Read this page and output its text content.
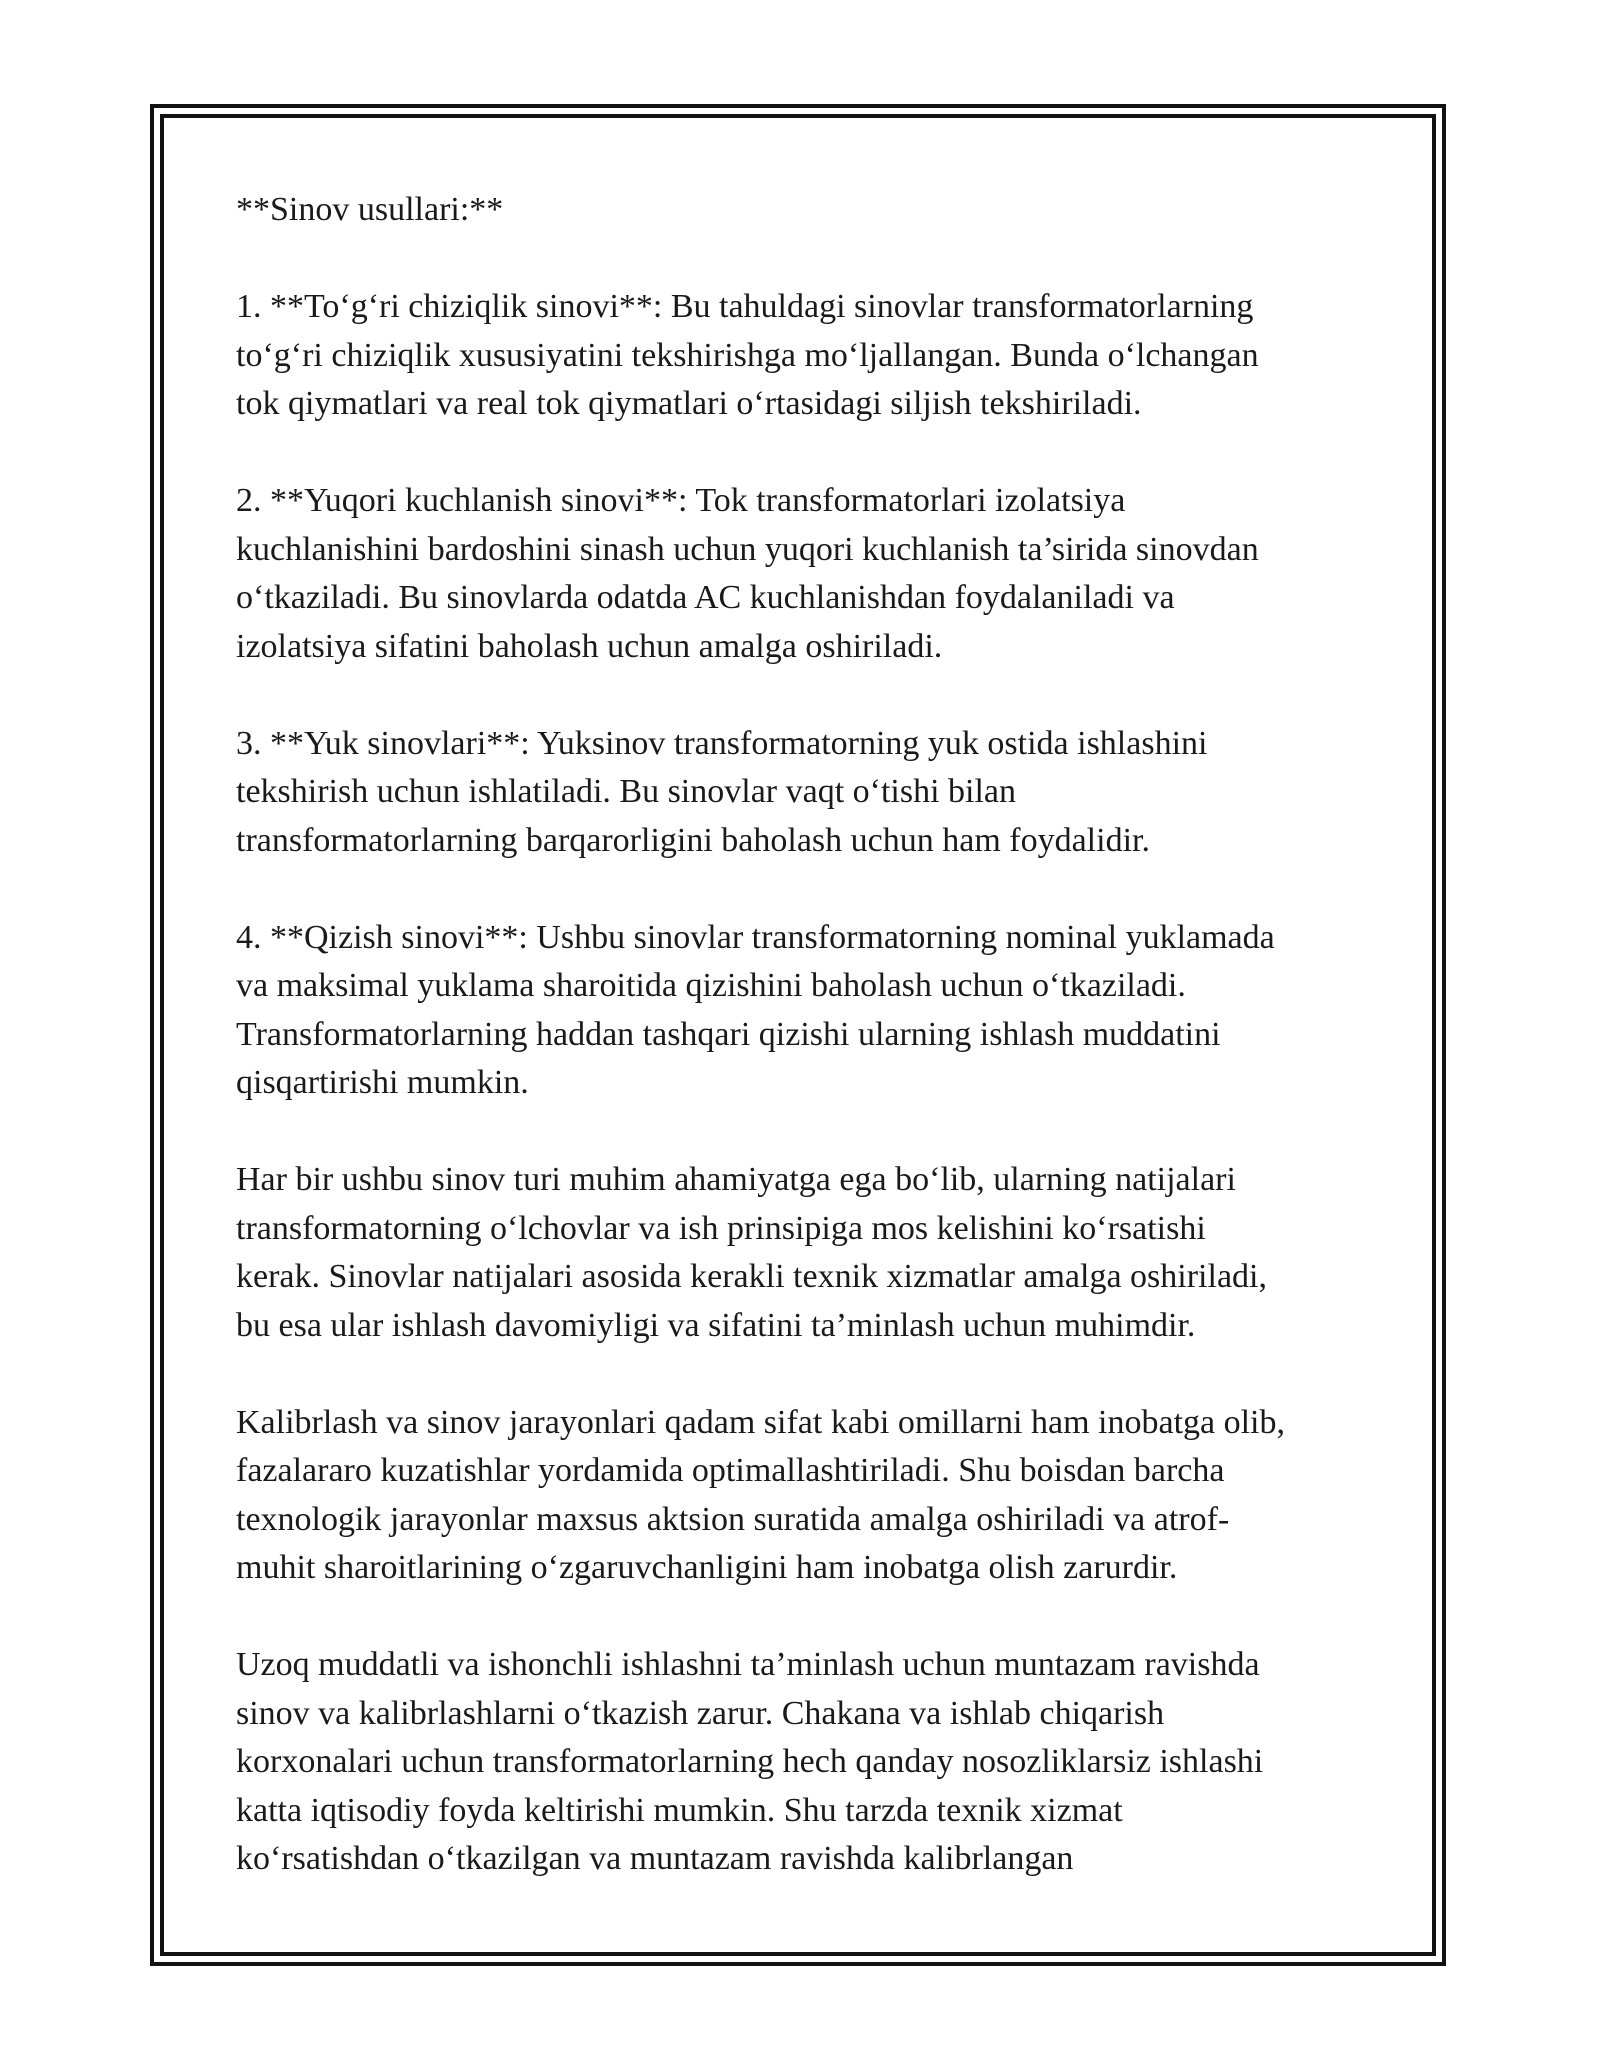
**Sinov usullari:**

1. **To‘g‘ri chiziqlik sinovi**: Bu tahuldagi sinovlar transformatorlarning
to‘g‘ri chiziqlik xususiyatini tekshirishga mo‘ljallangan. Bunda o‘lchangan
tok qiymatlari va real tok qiymatlari o‘rtasidagi siljish tekshiriladi.

2. **Yuqori kuchlanish sinovi**: Tok transformatorlari izolatsiya
kuchlanishini bardoshini sinash uchun yuqori kuchlanish ta’sirida sinovdan
o‘tkaziladi. Bu sinovlarda odatda AC kuchlanishdan foydalaniladi va
izolatsiya sifatini baholash uchun amalga oshiriladi.

3. **Yuk sinovlari**: Yuksinov transformatorning yuk ostida ishlashini
tekshirish uchun ishlatiladi. Bu sinovlar vaqt o‘tishi bilan
transformatorlarning barqarorligini baholash uchun ham foydalidir.

4. **Qizish sinovi**: Ushbu sinovlar transformatorning nominal yuklamada
va maksimal yuklama sharoitida qizishini baholash uchun o‘tkaziladi.
Transformatorlarning haddan tashqari qizishi ularning ishlash muddatini
qisqartirishi mumkin.

Har bir ushbu sinov turi muhim ahamiyatga ega bo‘lib, ularning natijalari
transformatorning o‘lchovlar va ish prinsipiga mos kelishini ko‘rsatishi
kerak. Sinovlar natijalari asosida kerakli texnik xizmatlar amalga oshiriladi,
bu esa ular ishlash davomiyligi va sifatini ta’minlash uchun muhimdir.

Kalibrlash va sinov jarayonlari qadam sifat kabi omillarni ham inobatga olib,
fazalararo kuzatishlar yordamida optimallashtiriladi. Shu boisdan barcha
texnologik jarayonlar maxsus aktsion suratida amalga oshiriladi va atrof-
muhit sharoitlarining o‘zgaruvchanligini ham inobatga olish zarurdir.

Uzoq muddatli va ishonchli ishlashni ta’minlash uchun muntazam ravishda
sinov va kalibrlashlarni o‘tkazish zarur. Chakana va ishlab chiqarish
korxonalari uchun transformatorlarning hech qanday nosozliklarsiz ishlashi
katta iqtisodiy foyda keltirishi mumkin. Shu tarzda texnik xizmat
ko‘rsatishdan o‘tkazilgan va muntazam ravishda kalibrlangan
